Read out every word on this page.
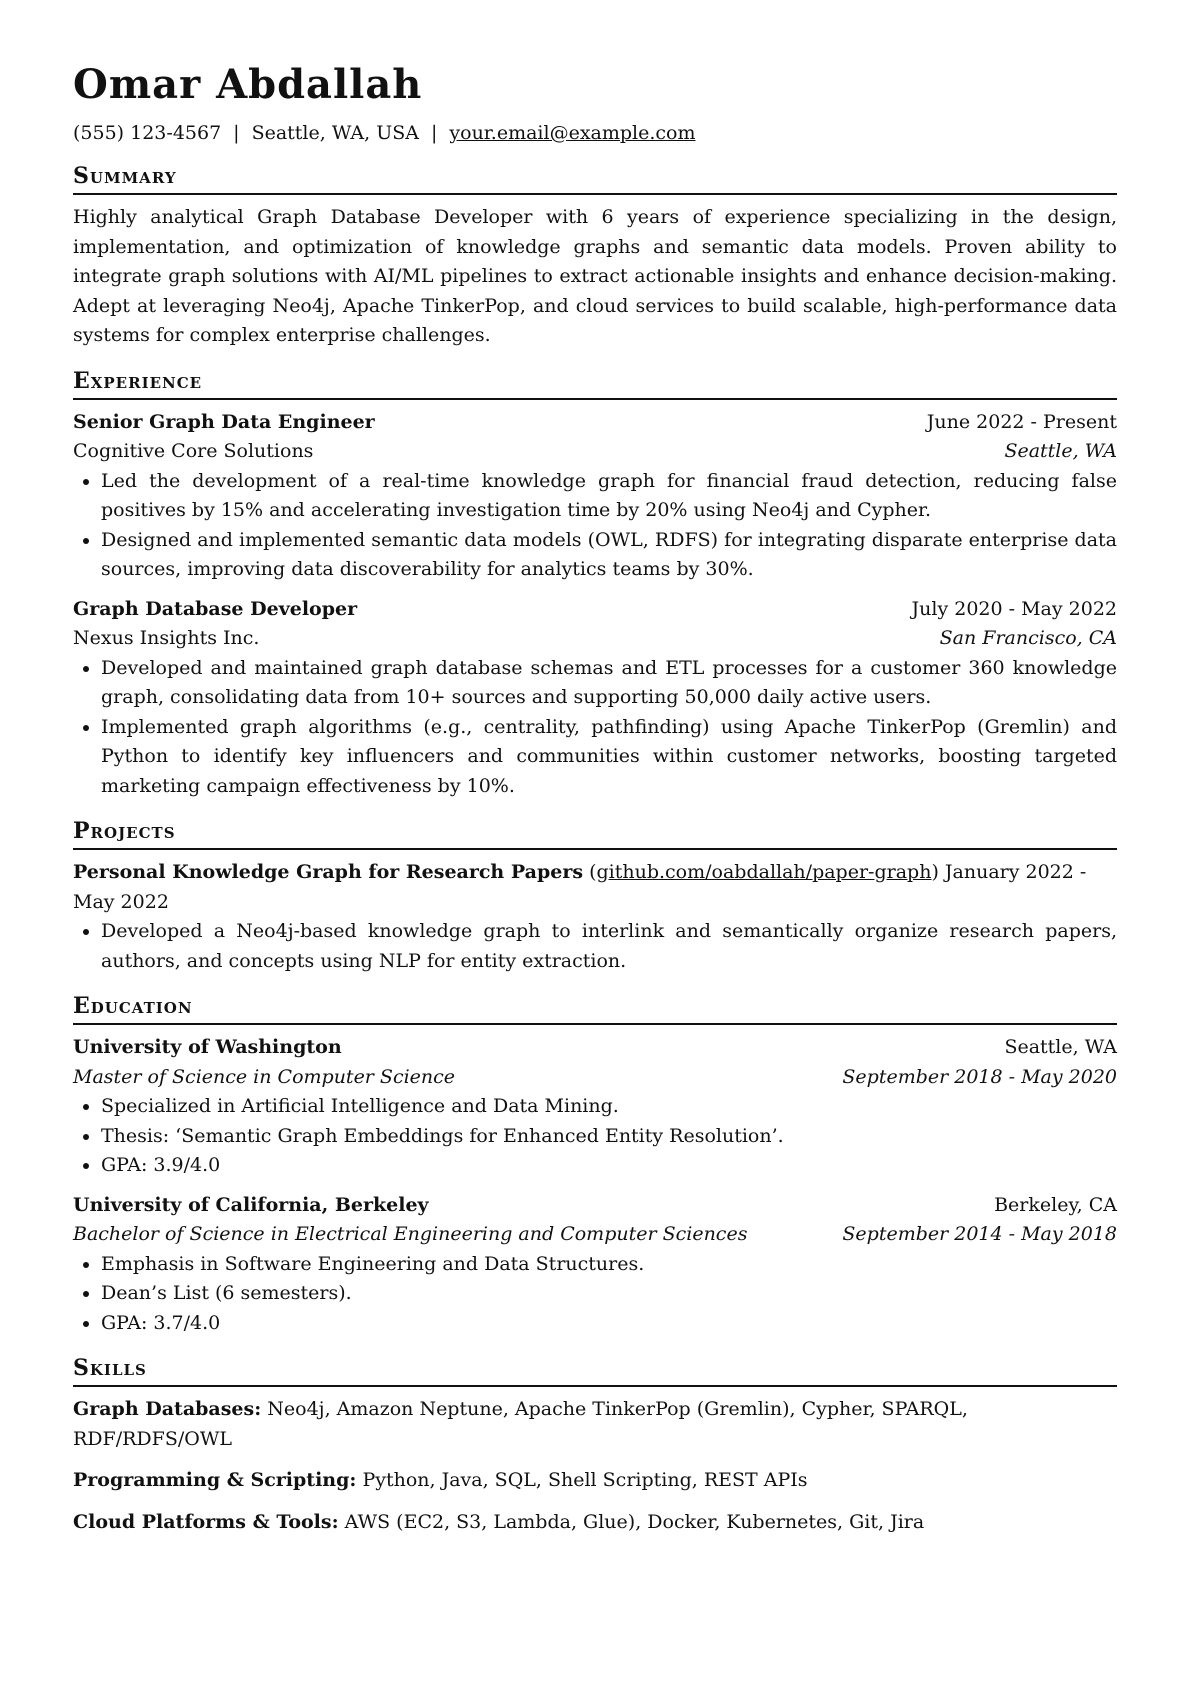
Omar Abdallah
(555) 123-4567 | Seattle, WA, USA | your.email@example.com
Summary
Highly analytical Graph Database Developer with 6 years of experience specializing in the design, implementation, and optimization of knowledge graphs and semantic data models. Proven ability to integrate graph solutions with AI/ML pipelines to extract actionable insights and enhance decision-making. Adept at leveraging Neo4j, Apache TinkerPop, and cloud services to build scalable, high-performance data systems for complex enterprise challenges.
Experience
Senior Graph Data Engineer	June 2022 - Present
Cognitive Core Solutions	Seattle, WA
• Led the development of a real-time knowledge graph for financial fraud detection, reducing false positives by 15% and accelerating investigation time by 20% using Neo4j and Cypher.
• Designed and implemented semantic data models (OWL, RDFS) for integrating disparate enterprise data sources, improving data discoverability for analytics teams by 30%.
Graph Database Developer	July 2020 - May 2022
Nexus Insights Inc.	San Francisco, CA
• Developed and maintained graph database schemas and ETL processes for a customer 360 knowledge graph, consolidating data from 10+ sources and supporting 50,000 daily active users.
• Implemented graph algorithms (e.g., centrality, pathfinding) using Apache TinkerPop (Gremlin) and Python to identify key influencers and communities within customer networks, boosting targeted marketing campaign effectiveness by 10%.
Projects
Personal Knowledge Graph for Research Papers (github.com/oabdallah/paper-graph) January 2022 - May 2022
• Developed a Neo4j-based knowledge graph to interlink and semantically organize research papers, authors, and concepts using NLP for entity extraction.
Education
University of Washington	Seattle, WA
Master of Science in Computer Science	September 2018 - May 2020
• Specialized in Artificial Intelligence and Data Mining.
• Thesis: ‘Semantic Graph Embeddings for Enhanced Entity Resolution’.
• GPA: 3.9/4.0
University of California, Berkeley	Berkeley, CA
Bachelor of Science in Electrical Engineering and Computer Sciences	September 2014 - May 2018
• Emphasis in Software Engineering and Data Structures.
• Dean’s List (6 semesters).
• GPA: 3.7/4.0
Skills
Graph Databases: Neo4j, Amazon Neptune, Apache TinkerPop (Gremlin), Cypher, SPARQL, RDF/RDFS/OWL
Programming & Scripting: Python, Java, SQL, Shell Scripting, REST APIs
Cloud Platforms & Tools: AWS (EC2, S3, Lambda, Glue), Docker, Kubernetes, Git, Jira
